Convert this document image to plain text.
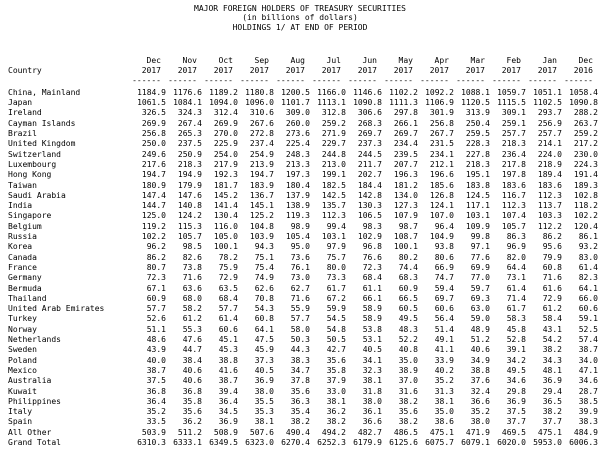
MAJOR FOREIGN HOLDERS OF TREASURY SECURITIES
(in billions of dollars)
HOLDINGS 1/ AT END OF PERIOD
	Dec	Nov	Oct	Sep	Aug	Jul	Jun	May	Apr	Mar	Feb	Jan	Dec
Country	2017	2017	2017	2017	2017	2017	2017	2017	2017	2017	2017	2017	2016
	------	------	------	------	------	------	------	------	------	------	------	------	------
China, Mainland	1184.9	1176.6	1189.2	1180.8	1200.5	1166.0	1146.6	1102.2	1092.2	1088.1	1059.7	1051.1	1058.4
Japan	1061.5	1084.1	1094.0	1096.0	1101.7	1113.1	1090.8	1111.3	1106.9	1120.5	1115.5	1102.5	1090.8
Ireland	326.5	324.3	312.4	310.6	309.0	312.8	306.6	297.8	301.9	313.9	309.1	293.7	288.2
Cayman Islands	269.9	267.4	269.9	267.6	260.0	259.2	268.3	266.1	256.8	250.4	259.1	256.9	263.7
Brazil	256.8	265.3	270.0	272.8	273.6	271.9	269.7	269.7	267.7	259.5	257.7	257.7	259.2
United Kingdom	250.0	237.5	225.9	237.4	225.4	229.7	237.3	234.4	231.5	228.3	218.3	214.1	217.2
Switzerland	249.6	250.9	254.0	254.9	248.3	244.8	244.5	239.5	234.1	227.8	236.4	224.0	230.0
Luxembourg	217.6	218.3	217.9	213.9	213.3	213.0	211.7	207.7	212.1	218.3	217.8	218.9	224.3
Hong Kong	194.7	194.9	192.3	194.7	197.3	199.1	202.7	196.3	196.6	195.1	197.8	189.4	191.4
Taiwan	180.9	179.9	181.7	183.9	180.4	182.5	184.4	181.2	185.6	183.8	183.6	183.6	189.3
Saudi Arabia	147.4	147.6	145.2	136.7	137.9	142.5	142.8	134.0	126.8	124.5	116.7	112.3	102.8
India	144.7	140.8	141.4	145.1	138.9	135.7	130.3	127.3	124.1	117.1	112.3	113.7	118.2
Singapore	125.0	124.2	130.4	125.2	119.3	112.3	106.5	107.9	107.0	103.1	107.4	103.3	102.2
Belgium	119.2	115.3	116.0	104.8	98.9	99.4	98.3	98.7	96.4	109.9	105.7	112.2	120.4
Russia	102.2	105.7	105.0	103.9	105.4	103.1	102.9	108.7	104.9	99.8	86.3	86.2	86.1
Korea	96.2	98.5	100.1	94.3	95.0	97.9	96.8	100.1	93.8	97.1	96.9	95.6	93.2
Canada	86.2	82.6	78.2	75.1	73.6	75.7	76.6	80.2	80.6	77.6	82.0	79.9	83.0
France	80.7	73.8	75.9	75.4	76.1	80.0	72.3	74.4	66.9	69.9	64.4	60.8	61.4
Germany	72.3	71.6	72.9	74.9	73.0	73.3	68.4	68.3	74.7	77.0	73.1	71.6	82.3
Bermuda	67.1	63.6	63.5	62.6	62.7	61.7	61.1	60.9	59.4	59.7	61.4	61.6	64.1
Thailand	60.9	68.0	68.4	70.8	71.6	67.2	66.1	66.5	69.7	69.3	71.4	72.9	66.0
United Arab Emirates	57.7	58.2	57.7	54.3	55.9	59.9	58.9	60.5	60.6	63.0	61.7	61.2	60.6
Turkey	52.6	61.2	61.4	60.8	57.7	54.5	58.9	49.5	56.4	59.0	58.3	58.4	59.1
Norway	51.1	55.3	60.6	64.1	58.0	54.8	53.8	48.3	51.4	48.9	45.8	43.1	52.5
Netherlands	48.6	47.6	45.1	47.5	50.3	50.5	53.1	52.2	49.1	51.2	52.8	54.2	57.4
Sweden	43.9	44.7	45.3	45.9	44.3	42.7	40.5	40.8	41.1	40.6	39.1	38.2	38.7
Poland	40.0	38.4	38.8	37.3	38.3	35.6	34.1	35.0	33.9	34.9	34.2	34.3	34.0
Mexico	38.7	40.6	41.6	40.5	34.7	35.8	32.3	38.9	40.2	38.8	49.5	48.1	47.1
Australia	37.5	40.6	38.7	36.9	37.8	37.9	38.1	37.0	35.2	37.6	34.6	36.9	34.6
Kuwait	36.8	36.8	39.4	38.0	35.6	33.0	31.8	31.6	31.3	32.4	29.8	29.4	28.7
Philippines	36.4	35.8	36.4	35.5	36.3	38.1	38.0	38.2	38.1	36.6	36.9	36.5	38.5
Italy	35.2	35.6	34.5	35.3	35.4	36.2	36.1	35.6	35.0	35.2	37.5	38.2	39.9
Spain	33.5	36.2	36.9	38.1	38.2	38.2	36.6	38.2	38.6	38.0	37.7	37.7	38.3
All Other	503.9	511.2	508.9	507.6	490.4	494.2	482.7	486.5	475.1	471.9	469.5	475.1	484.9
Grand Total	6310.3	6333.1	6349.5	6323.0	6270.4	6252.3	6179.9	6125.6	6075.7	6079.1	6020.0	5953.0	6006.3
